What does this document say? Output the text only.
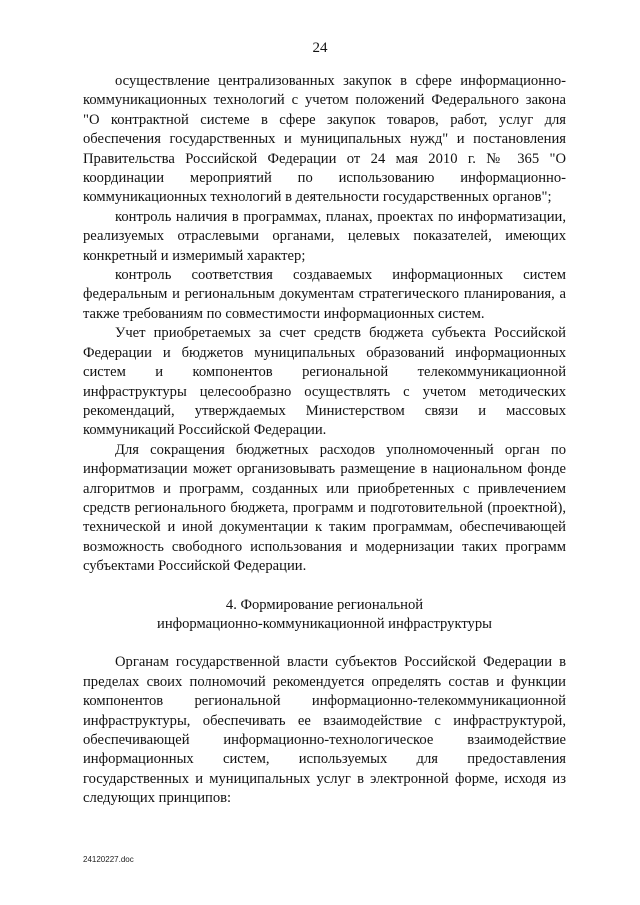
24

осуществление централизованных закупок в сфере информационно-коммуникационных технологий с учетом положений Федерального закона "О контрактной системе в сфере закупок товаров, работ, услуг для обеспечения государственных и муниципальных нужд" и постановления Правительства Российской Федерации от 24 мая 2010 г. № 365 "О координации мероприятий по использованию информационно-коммуникационных технологий в деятельности государственных органов";

контроль наличия в программах, планах, проектах по информатизации, реализуемых отраслевыми органами, целевых показателей, имеющих конкретный и измеримый характер;

контроль соответствия создаваемых информационных систем федеральным и региональным документам стратегического планирования, а также требованиям по совместимости информационных систем.

Учет приобретаемых за счет средств бюджета субъекта Российской Федерации и бюджетов муниципальных образований информационных систем и компонентов региональной телекоммуникационной инфраструктуры целесообразно осуществлять с учетом методических рекомендаций, утверждаемых Министерством связи и массовых коммуникаций Российской Федерации.

Для сокращения бюджетных расходов уполномоченный орган по информатизации может организовывать размещение в национальном фонде алгоритмов и программ, созданных или приобретенных с привлечением средств регионального бюджета, программ и подготовительной (проектной), технической и иной документации к таким программам, обеспечивающей возможность свободного использования и модернизации таких программ субъектами Российской Федерации.

4. Формирование региональной
информационно-коммуникационной инфраструктуры

Органам государственной власти субъектов Российской Федерации в пределах своих полномочий рекомендуется определять состав и функции компонентов региональной информационно-телекоммуникационной инфраструктуры, обеспечивать ее взаимодействие с инфраструктурой, обеспечивающей информационно-технологическое взаимодействие информационных систем, используемых для предоставления государственных и муниципальных услуг в электронной форме, исходя из следующих принципов:

24120227.doc
